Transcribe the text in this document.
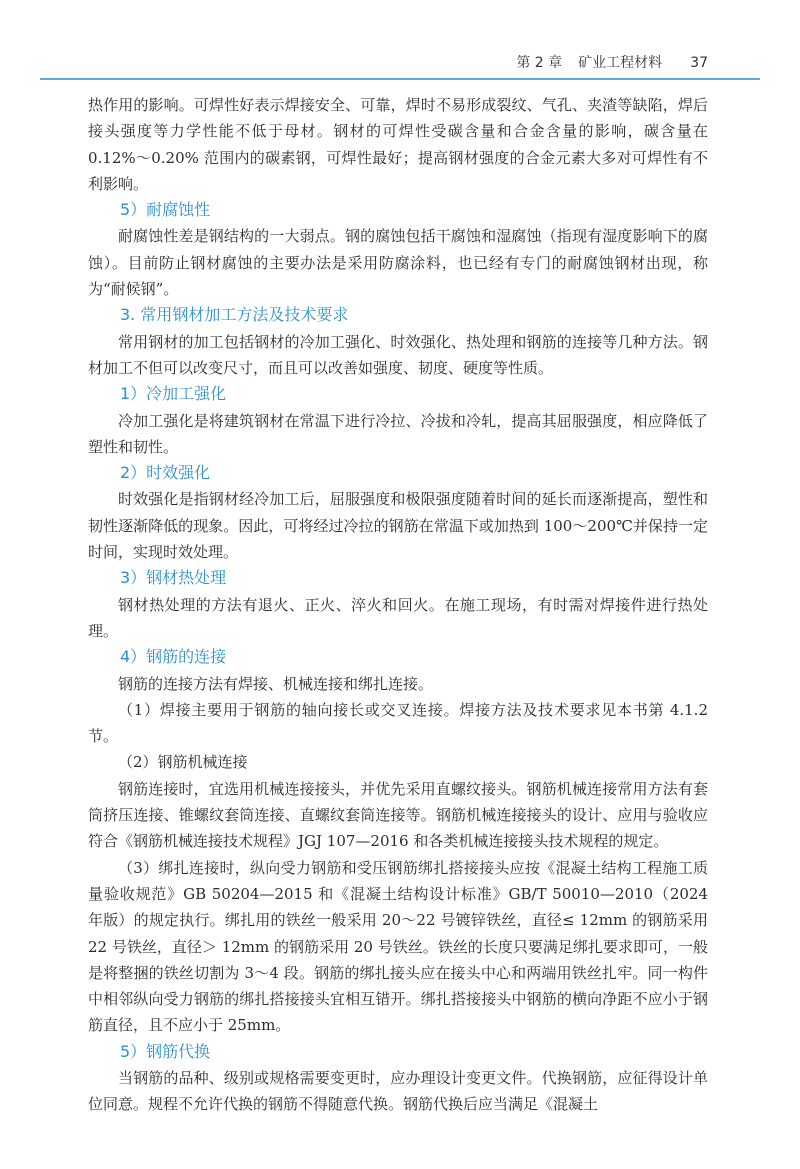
第 2 章 矿业工程材料 37

热作用的影响。可焊性好表示焊接安全、可靠，焊时不易形成裂纹、气孔、夹渣等缺陷，焊后接头强度等力学性能不低于母材。钢材的可焊性受碳含量和合金含量的影响，碳含量在 0.12%～0.20% 范围内的碳素钢，可焊性最好；提高钢材强度的合金元素大多对可焊性有不利影响。

5）耐腐蚀性

耐腐蚀性差是钢结构的一大弱点。钢的腐蚀包括干腐蚀和湿腐蚀（指现有湿度影响下的腐蚀）。目前防止钢材腐蚀的主要办法是采用防腐涂料，也已经有专门的耐腐蚀钢材出现，称为“耐候钢”。

3. 常用钢材加工方法及技术要求

常用钢材的加工包括钢材的冷加工强化、时效强化、热处理和钢筋的连接等几种方法。钢材加工不但可以改变尺寸，而且可以改善如强度、韧度、硬度等性质。

1）冷加工强化

冷加工强化是将建筑钢材在常温下进行冷拉、冷拔和冷轧，提高其屈服强度，相应降低了塑性和韧性。

2）时效强化

时效强化是指钢材经冷加工后，屈服强度和极限强度随着时间的延长而逐渐提高，塑性和韧性逐渐降低的现象。因此，可将经过冷拉的钢筋在常温下或加热到 100～200℃并保持一定时间，实现时效处理。

3）钢材热处理

钢材热处理的方法有退火、正火、淬火和回火。在施工现场，有时需对焊接件进行热处理。

4）钢筋的连接

钢筋的连接方法有焊接、机械连接和绑扎连接。

（1）焊接主要用于钢筋的轴向接长或交叉连接。焊接方法及技术要求见本书第 4.1.2 节。

（2）钢筋机械连接

钢筋连接时，宜选用机械连接接头，并优先采用直螺纹接头。钢筋机械连接常用方法有套筒挤压连接、锥螺纹套筒连接、直螺纹套筒连接等。钢筋机械连接接头的设计、应用与验收应符合《钢筋机械连接技术规程》JGJ 107—2016 和各类机械连接接头技术规程的规定。

（3）绑扎连接时，纵向受力钢筋和受压钢筋绑扎搭接接头应按《混凝土结构工程施工质量验收规范》GB 50204—2015 和《混凝土结构设计标准》GB/T 50010—2010（2024 年版）的规定执行。绑扎用的铁丝一般采用 20～22 号镀锌铁丝，直径≤ 12mm 的钢筋采用 22 号铁丝，直径＞ 12mm 的钢筋采用 20 号铁丝。铁丝的长度只要满足绑扎要求即可，一般是将整捆的铁丝切割为 3～4 段。钢筋的绑扎接头应在接头中心和两端用铁丝扎牢。同一构件中相邻纵向受力钢筋的绑扎搭接接头宜相互错开。绑扎搭接接头中钢筋的横向净距不应小于钢筋直径，且不应小于 25mm。

5）钢筋代换

当钢筋的品种、级别或规格需要变更时，应办理设计变更文件。代换钢筋，应征得设计单位同意。规程不允许代换的钢筋不得随意代换。钢筋代换后应当满足《混凝土
